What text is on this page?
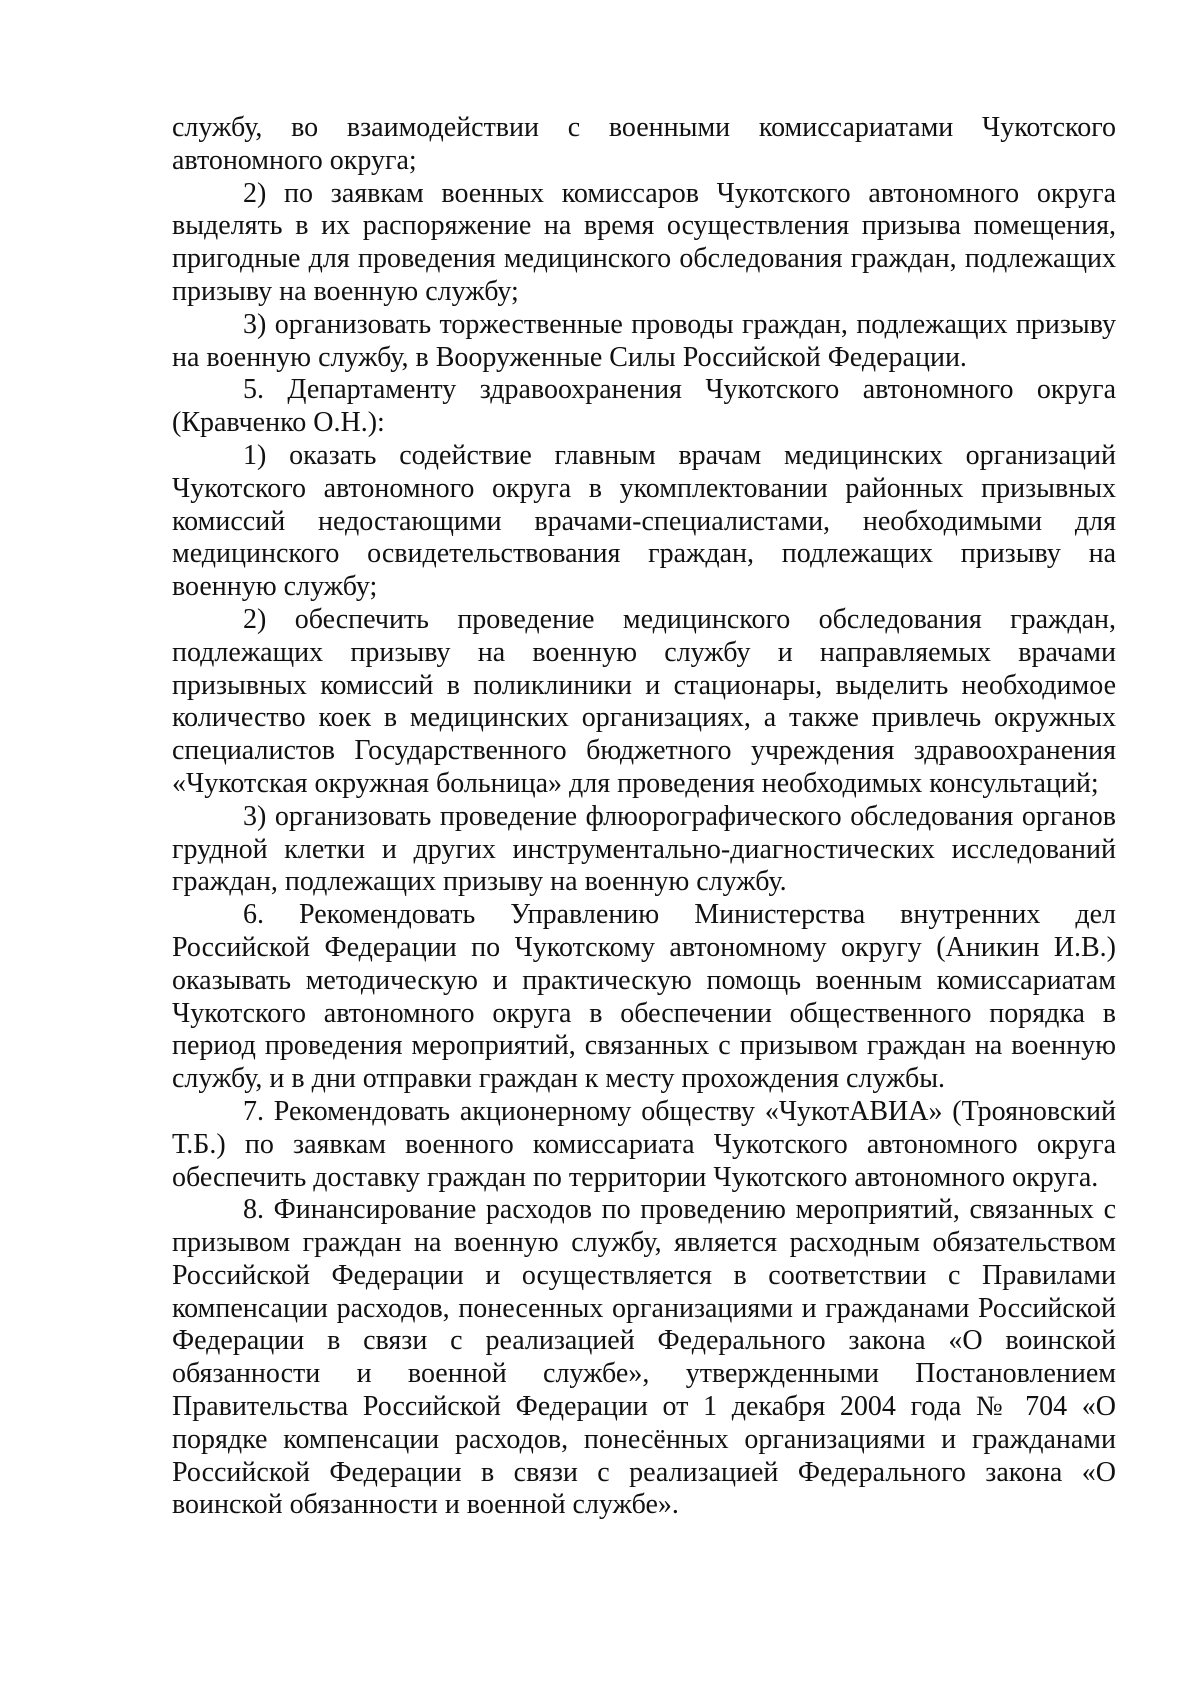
службу, во взаимодействии с военными комиссариатами Чукотского автономного округа;

2) по заявкам военных комиссаров Чукотского автономного округа выделять в их распоряжение на время осуществления призыва помещения, пригодные для проведения медицинского обследования граждан, подлежащих призыву на военную службу;

3) организовать торжественные проводы граждан, подлежащих призыву на военную службу, в Вооруженные Силы Российской Федерации.

5. Департаменту здравоохранения Чукотского автономного округа (Кравченко О.Н.):

1) оказать содействие главным врачам медицинских организаций Чукотского автономного округа в укомплектовании районных призывных комиссий недостающими врачами-специалистами, необходимыми для медицинского освидетельствования граждан, подлежащих призыву на военную службу;

2) обеспечить проведение медицинского обследования граждан, подлежащих призыву на военную службу и направляемых врачами призывных комиссий в поликлиники и стационары, выделить необходимое количество коек в медицинских организациях, а также привлечь окружных специалистов Государственного бюджетного учреждения здравоохранения «Чукотская окружная больница» для проведения необходимых консультаций;

3) организовать проведение флюорографического обследования органов грудной клетки и других инструментально-диагностических исследований граждан, подлежащих призыву на военную службу.

6. Рекомендовать Управлению Министерства внутренних дел Российской Федерации по Чукотскому автономному округу (Аникин И.В.) оказывать методическую и практическую помощь военным комиссариатам Чукотского автономного округа в обеспечении общественного порядка в период проведения мероприятий, связанных с призывом граждан на военную службу, и в дни отправки граждан к месту прохождения службы.

7. Рекомендовать акционерному обществу «ЧукотАВИА» (Трояновский Т.Б.) по заявкам военного комиссариата Чукотского автономного округа обеспечить доставку граждан по территории Чукотского автономного округа.

8. Финансирование расходов по проведению мероприятий, связанных с призывом граждан на военную службу, является расходным обязательством Российской Федерации и осуществляется в соответствии с Правилами компенсации расходов, понесенных организациями и гражданами Российской Федерации в связи с реализацией Федерального закона «О воинской обязанности и военной службе», утвержденными Постановлением Правительства Российской Федерации от 1 декабря 2004 года № 704 «О порядке компенсации расходов, понесённых организациями и гражданами Российской Федерации в связи с реализацией Федерального закона «О воинской обязанности и военной службе».
